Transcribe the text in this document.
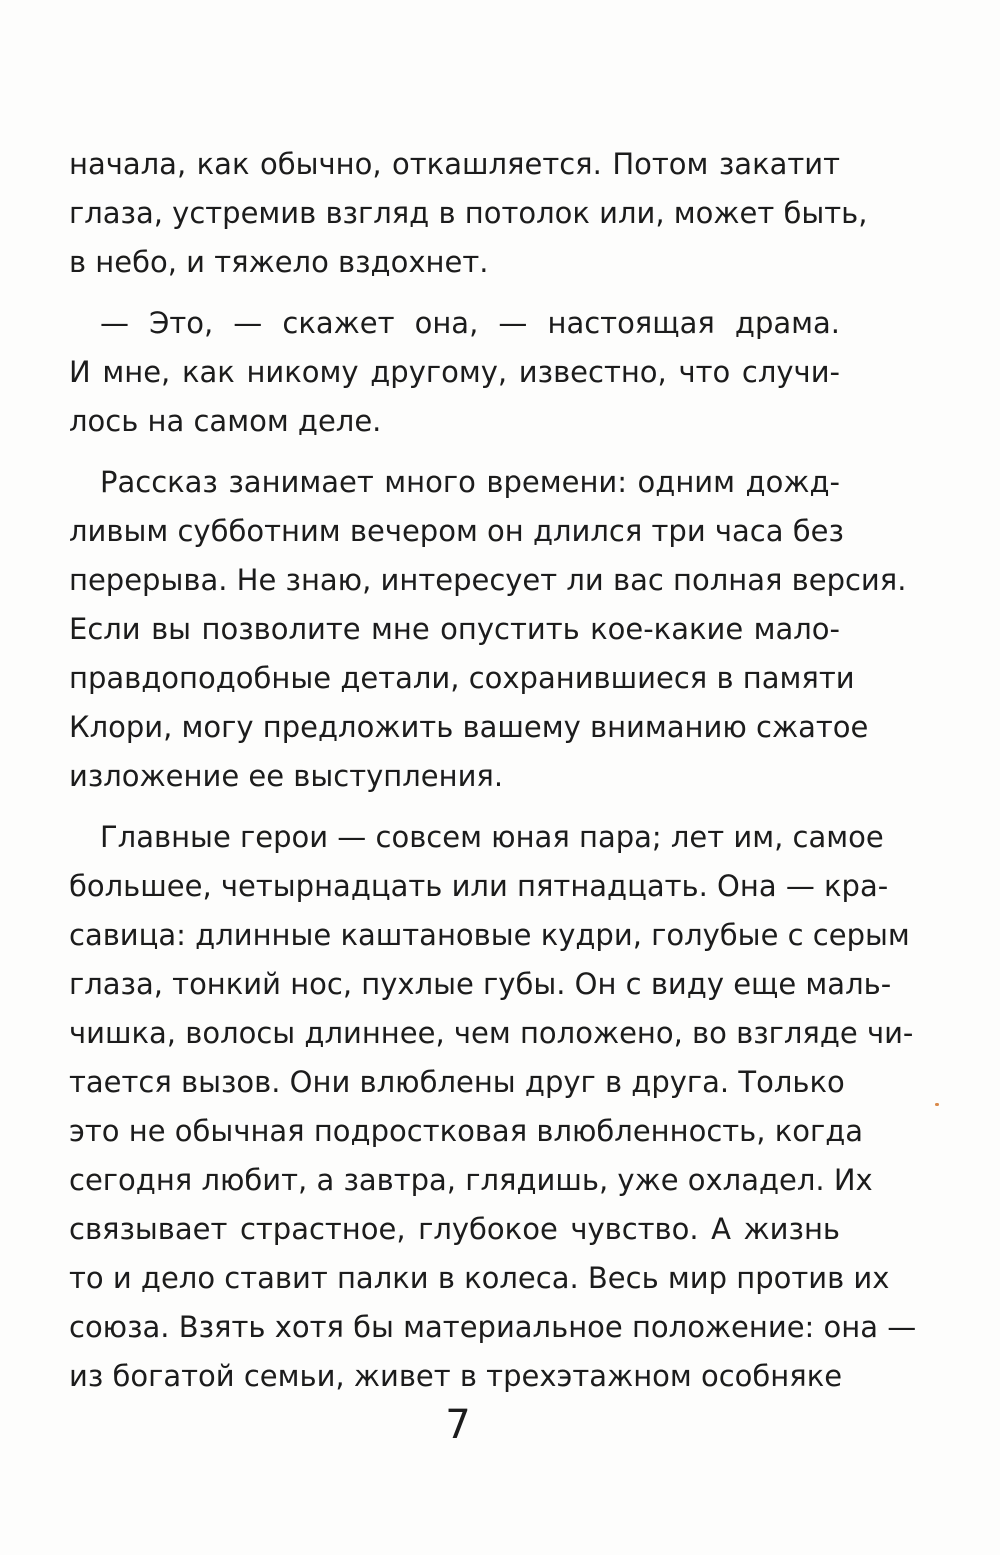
начала, как обычно, откашляется. Потом закатит
глаза, устремив взгляд в потолок или, может быть,
в небо, и тяжело вздохнет.
— Это, — скажет она, — настоящая драма.
И мне, как никому другому, известно, что случи-
лось на самом деле.
Рассказ занимает много времени: одним дожд-
ливым субботним вечером он длился три часа без
перерыва. Не знаю, интересует ли вас полная версия.
Если вы позволите мне опустить кое-какие мало-
правдоподобные детали, сохранившиеся в памяти
Клори, могу предложить вашему вниманию сжатое
изложение ее выступления.
Главные герои — совсем юная пара; лет им, самое
большее, четырнадцать или пятнадцать. Она — кра-
савица: длинные каштановые кудри, голубые с серым
глаза, тонкий нос, пухлые губы. Он с виду еще маль-
чишка, волосы длиннее, чем положено, во взгляде чи-
тается вызов. Они влюблены друг в друга. Только
это не обычная подростковая влюбленность, когда
сегодня любит, а завтра, глядишь, уже охладел. Их
связывает страстное, глубокое чувство. А жизнь
то и дело ставит палки в колеса. Весь мир против их
союза. Взять хотя бы материальное положение: она —
из богатой семьи, живет в трехэтажном особняке
7
